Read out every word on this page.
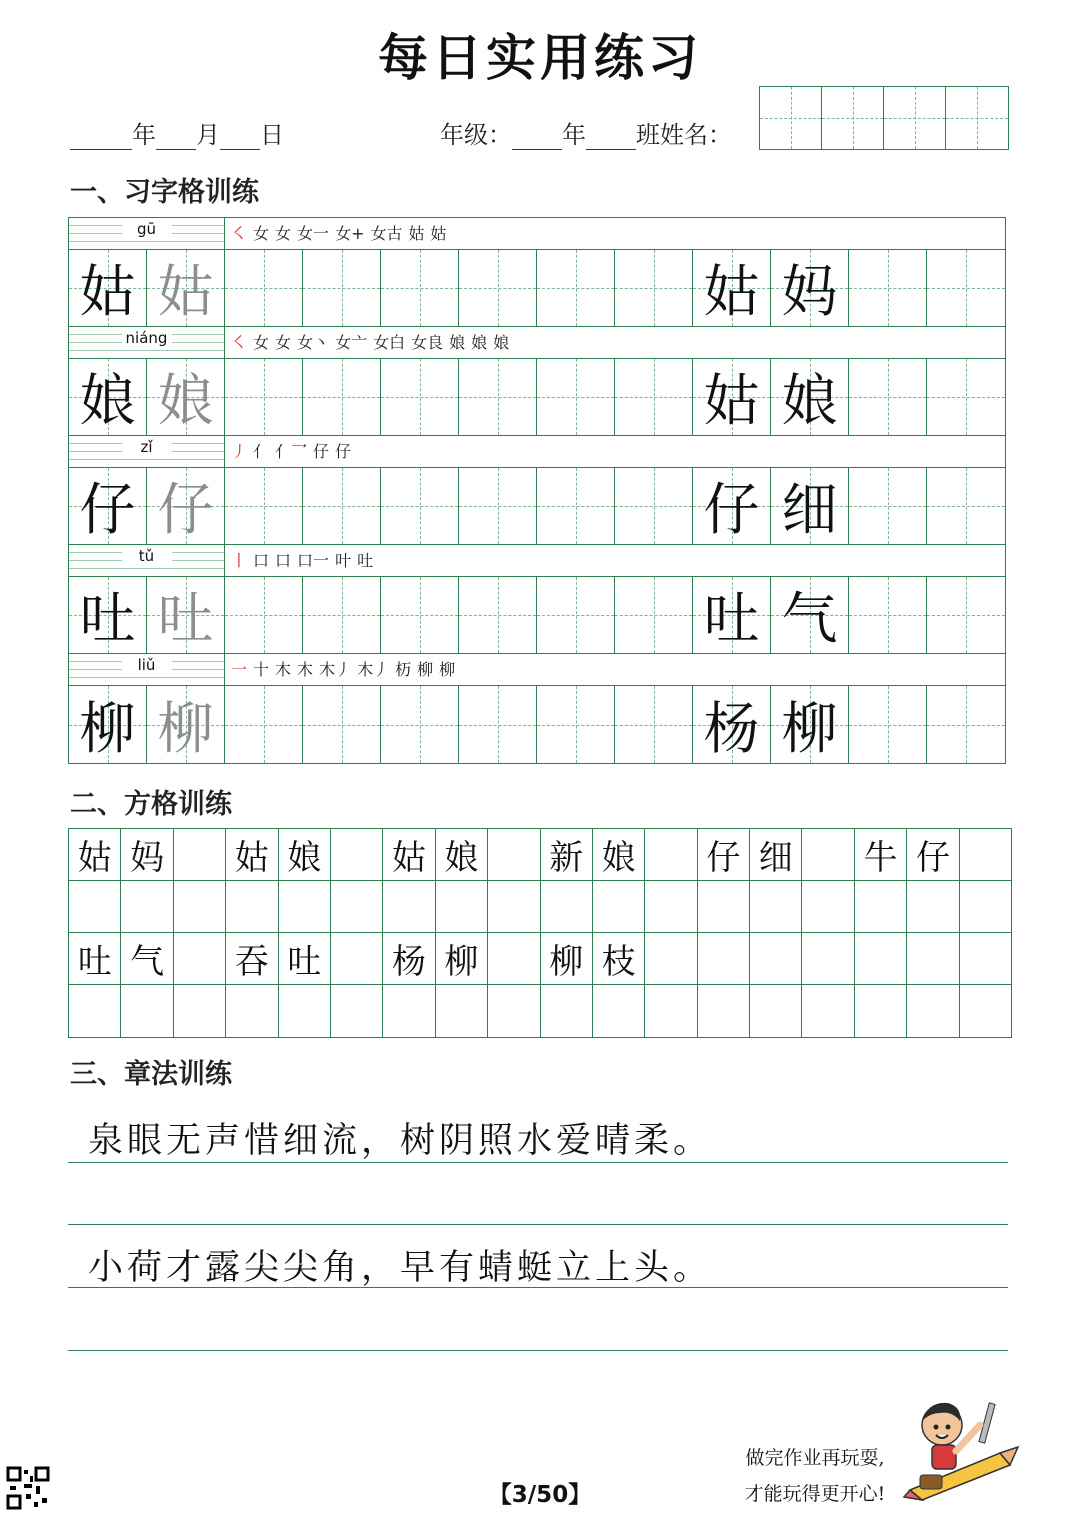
每日实用练习
年 月 日	年级： 年 班姓名：
一、习字格训练
gū	㇛ 女 女 女一 女+ 女古 姑 姑
姑 姑	姑 妈
niáng	㇛ 女 女 女丶 女亠 女白 女良 娘 娘 娘
娘 娘	姑 娘
zǐ	丿 亻 亻乛 仔 仔
仔 仔	仔 细
tǔ	丨 口 口 口一 叶 吐
吐 吐	吐 气
liǔ	一 十 木 木 木丿 木丿 杤 柳 柳
柳 柳	杨 柳
二、方格训练
姑 妈 姑 娘 姑 娘 新 娘 仔 细 牛 仔
吐 气 吞 吐 杨 柳 柳 枝
三、章法训练
泉眼无声惜细流，树阴照水爱晴柔。
小荷才露尖尖角，早有蜻蜓立上头。
做完作业再玩耍,
才能玩得更开心!
【3/50】
